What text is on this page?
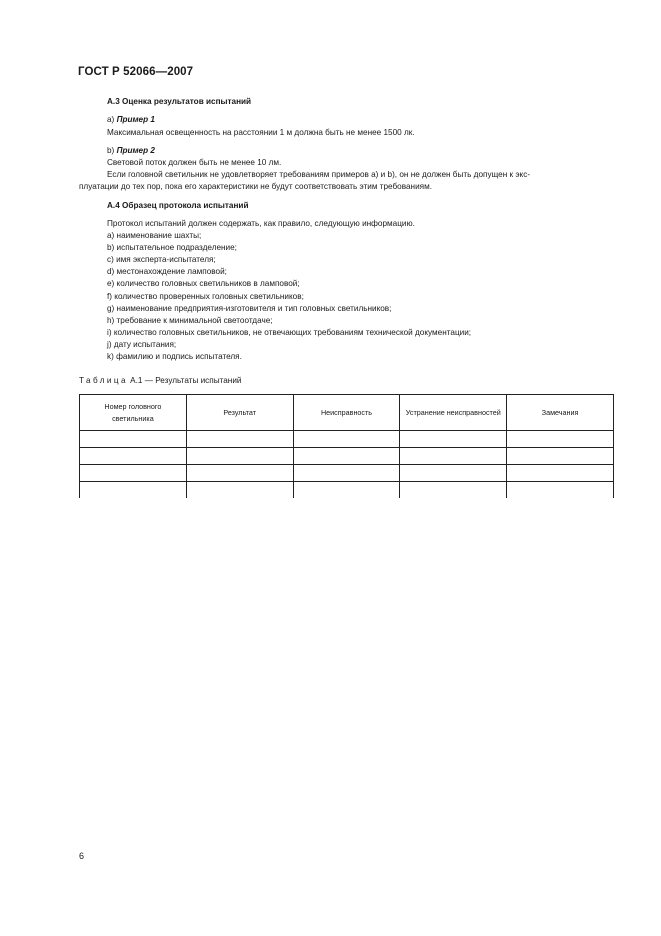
ГОСТ Р 52066—2007
A.3 Оценка результатов испытаний
a) Пример 1
Максимальная освещенность на расстоянии 1 м должна быть не менее 1500 лк.
b) Пример 2
Световой поток должен быть не менее 10 лм.
Если головной светильник не удовлетворяет требованиям примеров a) и b), он не должен быть допущен к экс-
плуатации до тех пор, пока его характеристики не будут соответствовать этим требованиям.
A.4 Образец протокола испытаний
Протокол испытаний должен содержать, как правило, следующую информацию.
a) наименование шахты;
b) испытательное подразделение;
c) имя эксперта-испытателя;
d) местонахождение ламповой;
e) количество головных светильников в ламповой;
f) количество проверенных головных светильников;
g) наименование предприятия-изготовителя и тип головных светильников;
h) требование к минимальной светоотдаче;
i) количество головных светильников, не отвечающих требованиям технической документации;
j) дату испытания;
k) фамилию и подпись испытателя.
Таблица A.1 — Результаты испытаний
Номер головного светильника	Результат	Неисправность	Устранение неисправностей	Замечания

6
